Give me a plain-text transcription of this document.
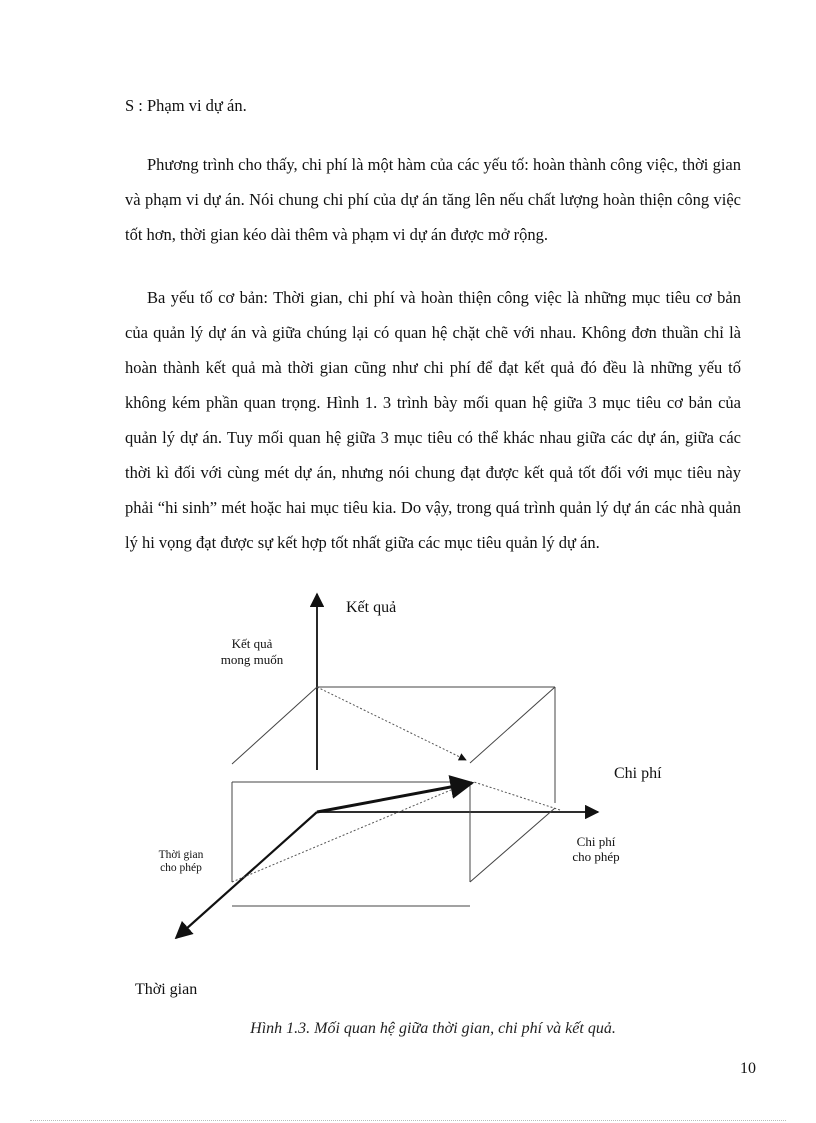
S : Phạm vi dự án.

Phương trình cho thấy, chi phí là một hàm của các yếu tố: hoàn thành công việc, thời gian và phạm vi dự án. Nói chung chi phí của dự án tăng lên nếu chất lượng hoàn thiện công việc tốt hơn, thời gian kéo dài thêm và phạm vi dự án được mở rộng.

Ba yếu tố cơ bản: Thời gian, chi phí và hoàn thiện công việc là những mục tiêu cơ bản của quản lý dự án và giữa chúng lại có quan hệ chặt chẽ với nhau. Không đơn thuần chỉ là hoàn thành kết quả mà thời gian cũng như chi phí để đạt kết quả đó đều là những yếu tố không kém phần quan trọng. Hình 1. 3 trình bày mối quan hệ giữa 3 mục tiêu cơ bản của quản lý dự án. Tuy mối quan hệ giữa 3 mục tiêu có thể khác nhau giữa các dự án, giữa các thời kì đối với cùng mét dự án, nhưng nói chung đạt được kết quả tốt đối với mục tiêu này phải “hi sinh” mét hoặc hai mục tiêu kia. Do vậy, trong quá trình quản lý dự án các nhà quản lý hi vọng đạt được sự kết hợp tốt nhất giữa các mục tiêu quản lý dự án.

Kết quả
Kết quả
mong muốn
Chi phí
Chi phí
cho phép
Thời gian
cho phép
Thời gian
Hình 1.3. Mối quan hệ giữa thời gian, chi phí và kết quả.
10
